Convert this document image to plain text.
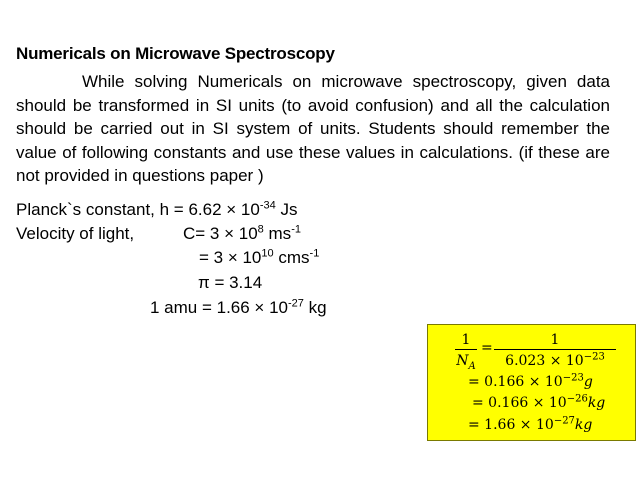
Numericals on Microwave Spectroscopy
While solving Numericals on microwave spectroscopy, given data should be transformed in SI units (to avoid confusion) and all the calculation should be carried out in SI system of units. Students should remember the value of following constants and use these values in calculations. (if these are not provided in questions paper )
Planck`s constant, $h = 6.62 \times 10^{-34}$ Js
Velocity of light,	$C= 3 \times 10^8$ $ms^{-1}$
= $3 \times 10^{10}$ cms$^{-1}$
π = 3.14
1 amu = $1.66 \times 10^{-27}$ kg
1
$N_A$
=	1
$6.023 \times 10^{-23}$
= $0.166 \times 10^{-23}g$
= $0.166 \times 10^{-26}kg$
= $1.66 \times 10^{-27}kg$
